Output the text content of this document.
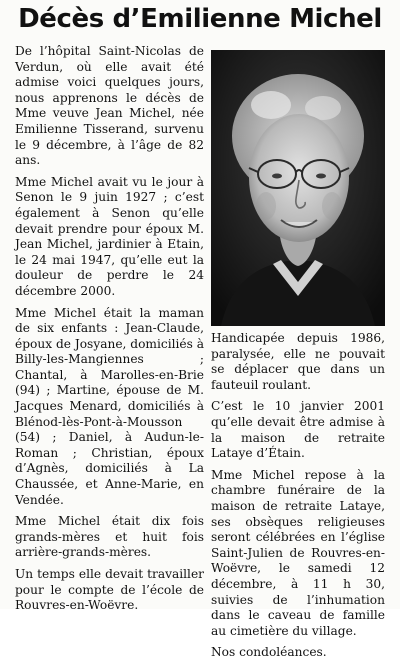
Décès d’Emilienne Michel

De l’hôpital Saint-Nicolas de Verdun, où elle avait été admise voici quelques jours, nous apprenons le décès de Mme veuve Jean Michel, née Emilienne Tisserand, survenu le 9 décembre, à l’âge de 82 ans.

Mme Michel avait vu le jour à Senon le 9 juin 1927 ; c’est également à Senon qu’elle devait prendre pour époux M. Jean Michel, jardinier à Etain, le 24 mai 1947, qu’elle eut la douleur de perdre le 24 décembre 2000.

Mme Michel était la maman de six enfants : Jean-Claude, époux de Josyane, domiciliés à Billy-les-Mangiennes ; Chantal, à Marolles-en-Brie (94) ; Martine, épouse de M. Jacques Menard, domiciliés à Blénod-lès-Pont-à-Mousson (54) ; Daniel, à Audun-le-Roman ; Christian, époux d’Agnès, domiciliés à La Chaussée, et Anne-Marie, en Vendée.

Mme Michel était dix fois grands-mères et huit fois arrière-grands-mères.

Un temps elle devait travailler pour le compte de l’école de Rouvres-en-Woëvre.

Handicapée depuis 1986, paralysée, elle ne pouvait se déplacer que dans un fauteuil roulant.

C’est le 10 janvier 2001 qu’elle devait être admise à la maison de retraite Lataye d’Étain.

Mme Michel repose à la chambre funéraire de la maison de retraite Lataye, ses obsèques religieuses seront célébrées en l’église Saint-Julien de Rouvres-en-Woëvre, le samedi 12 décembre, à 11 h 30, suivies de l’inhumation dans le caveau de famille au cimetière du village.

Nos condoléances.
